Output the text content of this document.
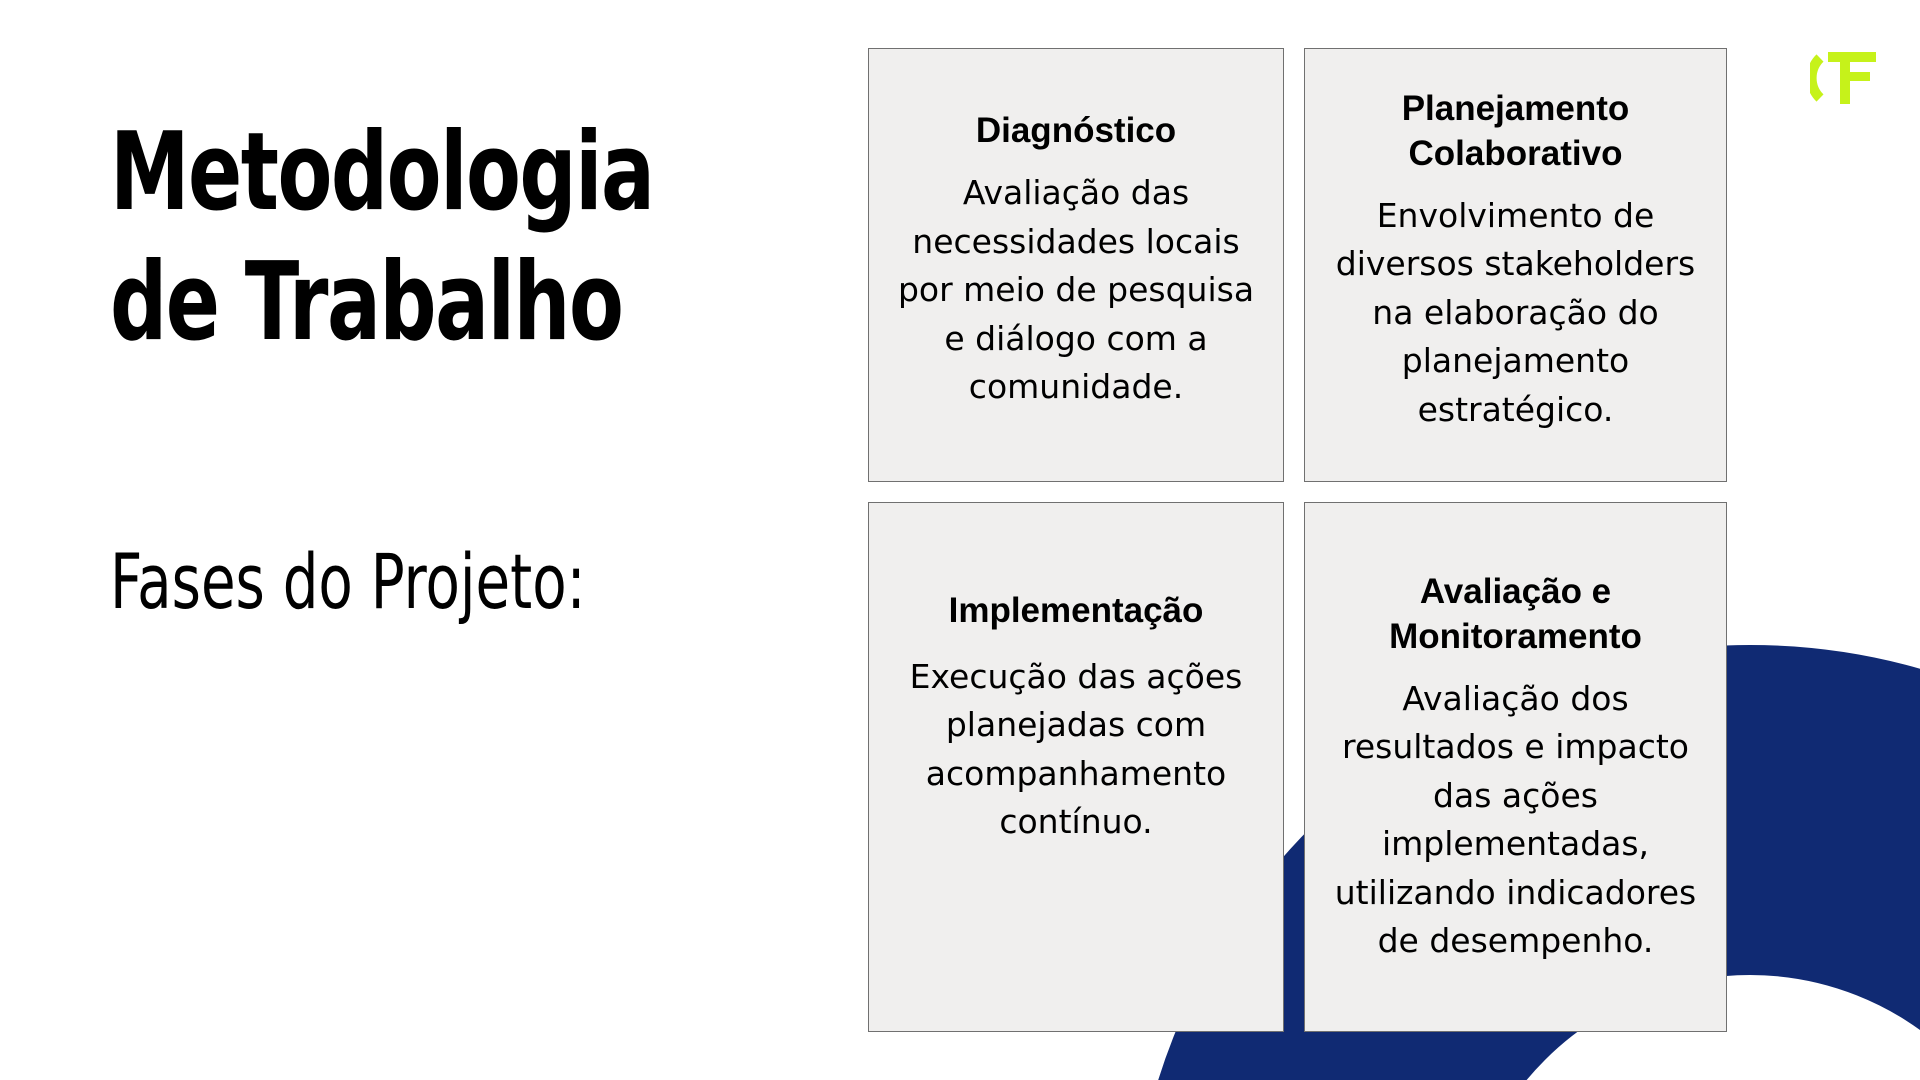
Metodologia de Trabalho
Fases do Projeto:
Diagnóstico
Avaliação das
necessidades locais
por meio de pesquisa
e diálogo com a
comunidade.
Planejamento
Colaborativo
Envolvimento de
diversos stakeholders
na elaboração do
planejamento
estratégico.
Implementação
Execução das ações
planejadas com
acompanhamento
contínuo.
Avaliação e
Monitoramento
Avaliação dos
resultados e impacto
das ações
implementadas,
utilizando indicadores
de desempenho.
